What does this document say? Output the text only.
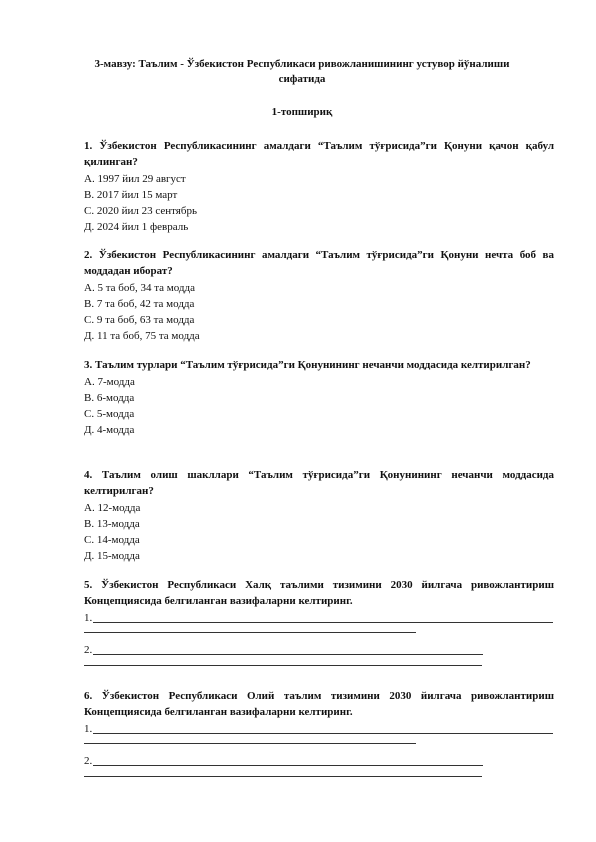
3-мавзу: Таълим - Ўзбекистон Республикаси ривожланишининг устувор йўналиши сифатида
1-топшириқ

1. Ўзбекистон Республикасининг амалдаги “Таълим тўғрисида”ги Қонуни қачон қабул қилинган?

А. 1997 йил 29 август

В. 2017 йил 15 март

С. 2020 йил 23 сентябрь

Д. 2024 йил 1 февраль

2. Ўзбекистон Республикасининг амалдаги “Таълим тўғрисида”ги Қонуни нечта боб ва моддадан иборат?

А. 5 та боб, 34 та модда

В. 7 та боб, 42 та модда

С. 9 та боб, 63 та модда

Д. 11 та боб, 75 та модда

3. Таълим турлари “Таълим тўғрисида”ги Қонунининг нечанчи моддасида келтирилган?

А. 7-модда

В. 6-модда

С. 5-модда

Д. 4-модда

4. Таълим олиш шакллари “Таълим тўғрисида”ги Қонунининг нечанчи моддасида келтирилган?

А. 12-модда

В. 13-модда

С. 14-модда

Д. 15-модда

5. Ўзбекистон Республикаси Халқ таълими тизимини 2030 йилгача ривожлантириш Концепциясида белгиланган вазифаларни келтиринг.

1.
2.

6. Ўзбекистон Республикаси Олий таълим тизимини 2030 йилгача ривожлантириш Концепциясида белгиланган вазифаларни келтиринг.

1.
2.
